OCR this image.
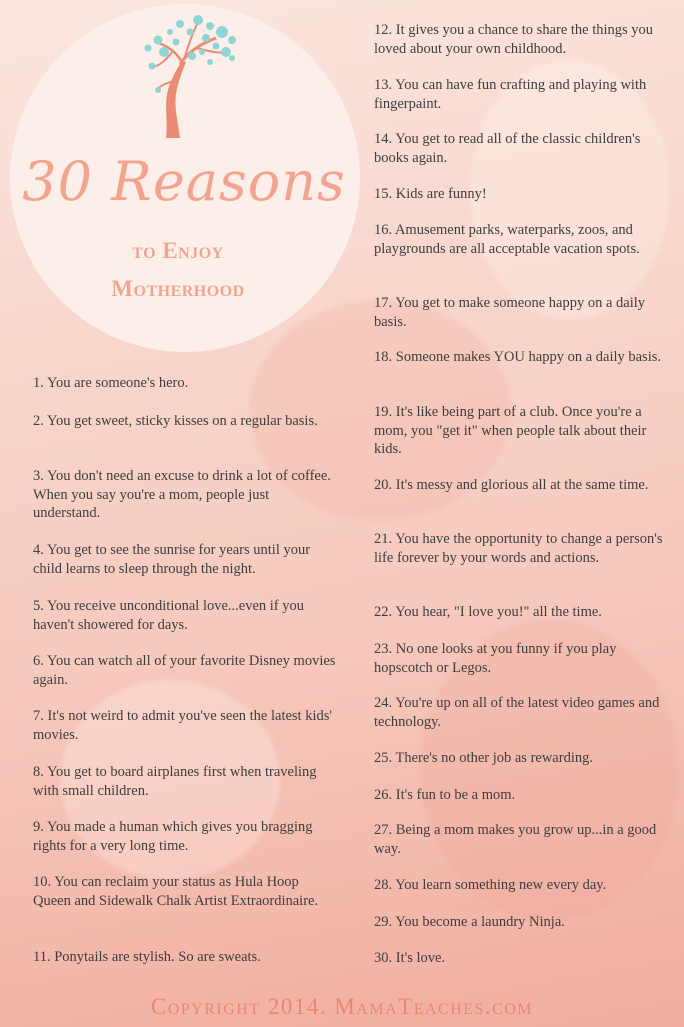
30 Reasons
to Enjoy
Motherhood
1. You are someone's hero.
2. You get sweet, sticky kisses on a regular basis.
3. You don't need an excuse to drink a lot of coffee. When you say you're a mom, people just understand.
4. You get to see the sunrise for years until your child learns to sleep through the night.
5. You receive unconditional love...even if you haven't showered for days.
6. You can watch all of your favorite Disney movies again.
7. It's not weird to admit you've seen the latest kids' movies.
8. You get to board airplanes first when traveling with small children.
9. You made a human which gives you bragging rights for a very long time.
10. You can reclaim your status as Hula Hoop Queen and Sidewalk Chalk Artist Extraordinaire.
11. Ponytails are stylish. So are sweats.
12. It gives you a chance to share the things you loved about your own childhood.
13. You can have fun crafting and playing with fingerpaint.
14. You get to read all of the classic children's books again.
15. Kids are funny!
16. Amusement parks, waterparks, zoos, and playgrounds are all acceptable vacation spots.
17. You get to make someone happy on a daily basis.
18. Someone makes YOU happy on a daily basis.
19. It's like being part of a club. Once you're a mom, you "get it" when people talk about their kids.
20. It's messy and glorious all at the same time.
21. You have the opportunity to change a person's life forever by your words and actions.
22. You hear, "I love you!" all the time.
23. No one looks at you funny if you play hopscotch or Legos.
24. You're up on all of the latest video games and technology.
25. There's no other job as rewarding.
26. It's fun to be a mom.
27. Being a mom makes you grow up...in a good way.
28. You learn something new every day.
29. You become a laundry Ninja.
30. It's love.
Copyright 2014. MamaTeaches.com
